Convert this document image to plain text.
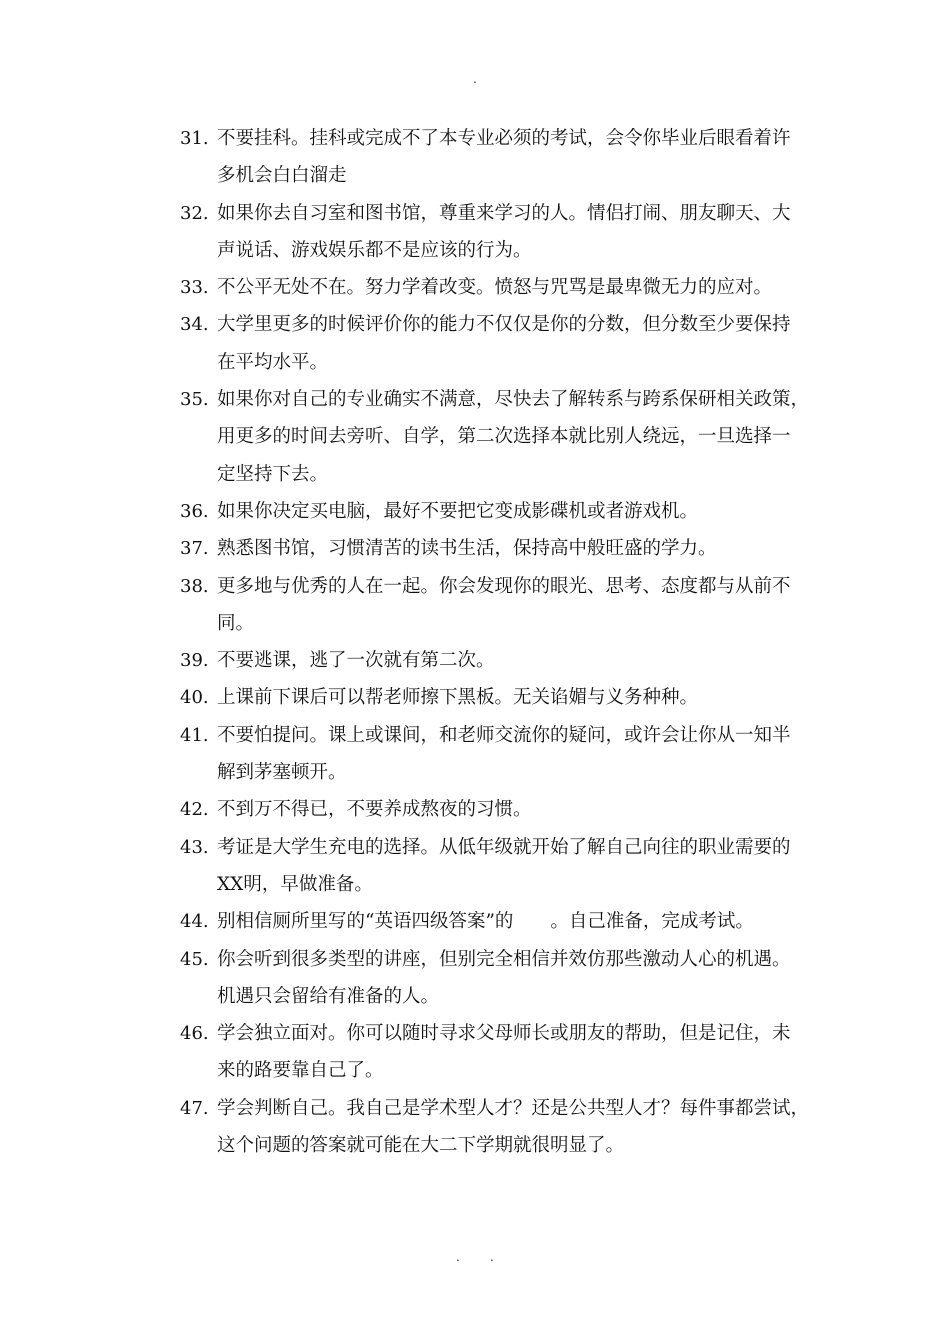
.
31. 不要挂科。挂科或完成不了本专业必须的考试，会令你毕业后眼看着许
多机会白白溜走
32. 如果你去自习室和图书馆，尊重来学习的人。情侣打闹、朋友聊天、大
声说话、游戏娱乐都不是应该的行为。
33. 不公平无处不在。努力学着改变。愤怒与咒骂是最卑微无力的应对。
34. 大学里更多的时候评价你的能力不仅仅是你的分数，但分数至少要保持
在平均水平。
35. 如果你对自己的专业确实不满意，尽快去了解转系与跨系保研相关政策，
用更多的时间去旁听、自学，第二次选择本就比别人绕远，一旦选择一
定坚持下去。
36. 如果你决定买电脑，最好不要把它变成影碟机或者游戏机。
37. 熟悉图书馆，习惯清苦的读书生活，保持高中般旺盛的学力。
38. 更多地与优秀的人在一起。你会发现你的眼光、思考、态度都与从前不
同。
39. 不要逃课，逃了一次就有第二次。
40. 上课前下课后可以帮老师擦下黑板。无关谄媚与义务种种。
41. 不要怕提问。课上或课间，和老师交流你的疑问，或许会让你从一知半
解到茅塞顿开。
42. 不到万不得已，不要养成熬夜的习惯。
43. 考证是大学生充电的选择。从低年级就开始了解自己向往的职业需要的
XX明，早做准备。
44. 别相信厕所里写的“英语四级答案”的　　。自己准备，完成考试。
45. 你会听到很多类型的讲座，但别完全相信并效仿那些激动人心的机遇。
机遇只会留给有准备的人。
46. 学会独立面对。你可以随时寻求父母师长或朋友的帮助，但是记住，未
来的路要靠自己了。
47. 学会判断自己。我自己是学术型人才？还是公共型人才？每件事都尝试，
这个问题的答案就可能在大二下学期就很明显了。
.	.
